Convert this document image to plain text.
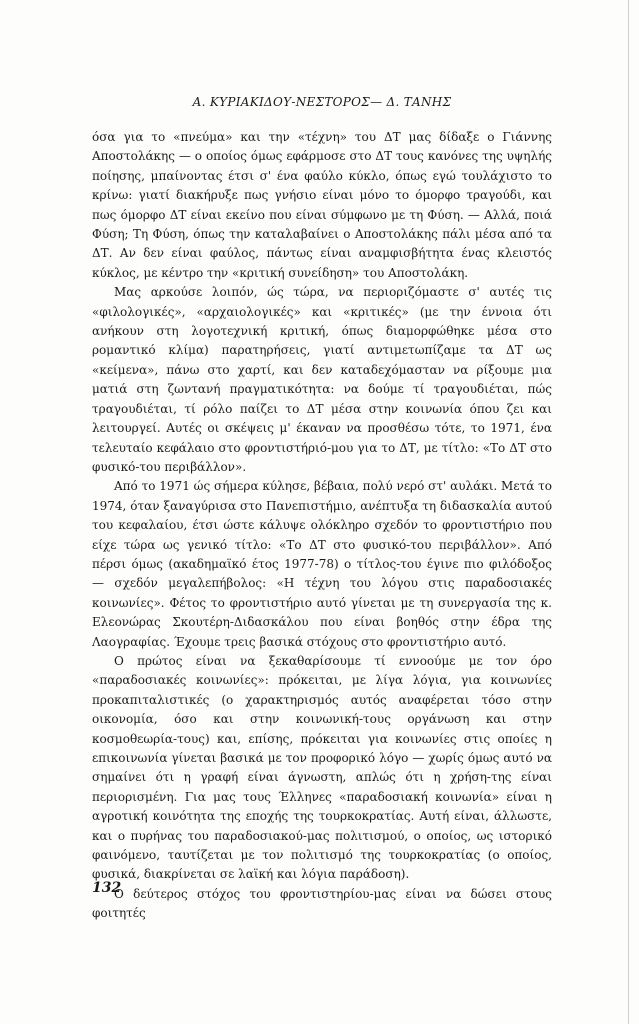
Α. ΚΥΡΙΑΚΙΔΟΥ-ΝΕΣΤΟΡΟΣ— Δ. ΤΑΝΗΣ

όσα για το «πνεύμα» και την «τέχνη» του ΔΤ μας δίδαξε ο Γιάννης Αποστολάκης — ο οποίος όμως εφάρμοσε στο ΔΤ τους κανόνες της υψηλής ποίησης, μπαίνοντας έτσι σ' ένα φαύλο κύκλο, όπως εγώ τουλάχιστο το κρίνω: γιατί διακήρυξε πως γνήσιο είναι μόνο το όμορφο τραγούδι, και πως όμορφο ΔΤ είναι εκείνο που είναι σύμφωνο με τη Φύση. — Αλλά, ποιά Φύση; Τη Φύση, όπως την καταλαβαίνει ο Αποστολάκης πάλι μέσα από τα ΔΤ. Αν δεν είναι φαύλος, πάντως είναι αναμφισβήτητα ένας κλειστός κύκλος, με κέντρο την «κριτική συνείδηση» του Αποστολάκη.

Μας αρκούσε λοιπόν, ώς τώρα, να περιοριζόμαστε σ' αυτές τις «φιλολογικές», «αρχαιολογικές» και «κριτικές» (με την έννοια ότι ανήκουν στη λογοτεχνική κριτική, όπως διαμορφώθηκε μέσα στο ρομαντικό κλίμα) παρατηρήσεις, γιατί αντιμετωπίζαμε τα ΔΤ ως «κείμενα», πάνω στο χαρτί, και δεν καταδεχόμασταν να ρίξουμε μια ματιά στη ζωντανή πραγματικότητα: να δούμε τί τραγουδιέται, πώς τραγουδιέται, τί ρόλο παίζει το ΔΤ μέσα στην κοινωνία όπου ζει και λειτουργεί. Αυτές οι σκέψεις μ' έκαναν να προσθέσω τότε, το 1971, ένα τελευταίο κεφάλαιο στο φροντιστήριό-μου για το ΔΤ, με τίτλο: «Το ΔΤ στο φυσικό-του περιβάλλον».

Από το 1971 ώς σήμερα κύλησε, βέβαια, πολύ νερό στ' αυλάκι. Μετά το 1974, όταν ξαναγύρισα στο Πανεπιστήμιο, ανέπτυξα τη διδασκαλία αυτού του κεφαλαίου, έτσι ώστε κάλυψε ολόκληρο σχεδόν το φροντιστήριο που είχε τώρα ως γενικό τίτλο: «Το ΔΤ στο φυσικό-του περιβάλλον». Από πέρσι όμως (ακαδημαϊκό έτος 1977-78) ο τίτλος-του έγινε πιο φιλόδοξος — σχεδόν μεγαλεπήβολος: «Η τέχνη του λόγου στις παραδοσιακές κοινωνίες». Φέτος το φροντιστήριο αυτό γίνεται με τη συνεργασία της κ. Ελεονώρας Σκουτέρη-Διδασκάλου που είναι βοηθός στην έδρα της Λαογραφίας. Έχουμε τρεις βασικά στόχους στο φροντιστήριο αυτό.

Ο πρώτος είναι να ξεκαθαρίσουμε τί εννοούμε με τον όρο «παραδοσιακές κοινωνίες»: πρόκειται, με λίγα λόγια, για κοινωνίες προκαπιταλιστικές (ο χαρακτηρισμός αυτός αναφέρεται τόσο στην οικονομία, όσο και στην κοινωνική-τους οργάνωση και στην κοσμοθεωρία-τους) και, επίσης, πρόκειται για κοινωνίες στις οποίες η επικοινωνία γίνεται βασικά με τον προφορικό λόγο — χωρίς όμως αυτό να σημαίνει ότι η γραφή είναι άγνωστη, απλώς ότι η χρήση-της είναι περιορισμένη. Για μας τους Έλληνες «παραδοσιακή κοινωνία» είναι η αγροτική κοινότητα της εποχής της τουρκοκρατίας. Αυτή είναι, άλλωστε, και ο πυρήνας του παραδοσιακού-μας πολιτισμού, ο οποίος, ως ιστορικό φαινόμενο, ταυτίζεται με τον πολιτισμό της τουρκοκρατίας (ο οποίος, φυσικά, διακρίνεται σε λαϊκή και λόγια παράδοση).

Ο δεύτερος στόχος του φροντιστηρίου-μας είναι να δώσει στους φοιτητές

132
